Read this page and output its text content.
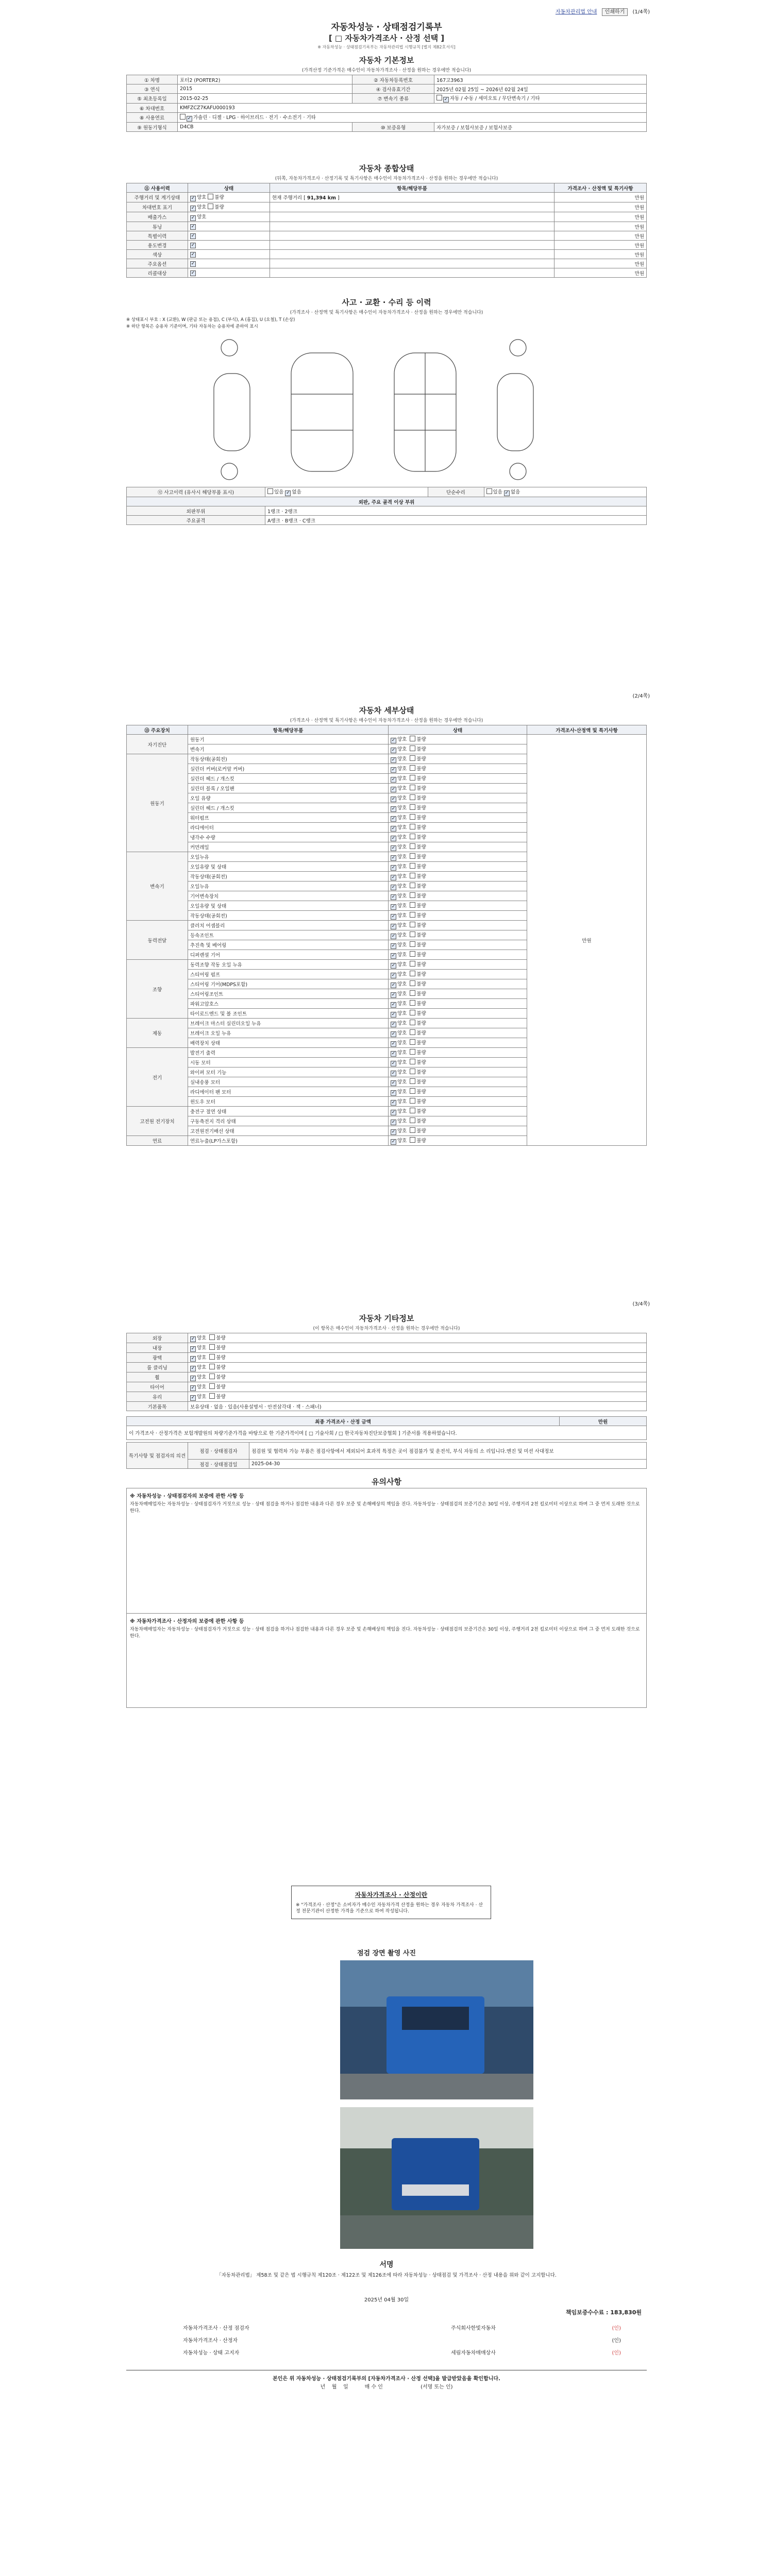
자동차관리법 안내 인쇄하기 (1/4쪽)
자동차성능 · 상태점검기록부
[ □ 자동차가격조사 · 산정 선택 ]
※ 자동차성능 · 상태점검기록부는 자동차관리법 시행규칙 [별지 제82호서식]
자동차 기본정보
(가격산정 기준가격은 매수인이 자동차가격조사 · 산정을 원하는 경우에만 적습니다)
① 차명	포터2 (PORTER2)	② 자동차등록번호	167고3963
③ 연식	2015	④ 검사유효기간	2025년 02월 25일 ~ 2026년 02월 24일
⑤ 최초등록일	2015-02-25	⑦ 변속기 종류	✓자동 / 수동 / 세미오토 / 무단변속기 / 기타
⑥ 차대번호	KMFZCZ7KAFU000193		
⑧ 사용연료	✓가솔린 · 디젤 · LPG · 하이브리드 · 전기 · 수소전기 · 기타
⑨ 원동기형식	D4CB	⑩ 보증유형	자가보증 / 보험사보증 / 보험사보증
자동차 종합상태
(뒤쪽, 자동차가격조사 · 산정기록 및 특기사항은 매수인이 자동차가격조사 · 산정을 원하는 경우에만 적습니다)
⑪ 사용이력	상태	항목/해당부품	가격조사 · 산정액 및 특기사항
주행거리 및 계기상태	✓양호 불량	현재 주행거리 [ 91,394 km ]	만원
차대번호 표기	✓양호 불량		만원
배출가스	✓양호		만원
튜닝	✓		만원
특별이력	✓		만원
용도변경	✓		만원
색상	✓		만원
주요옵션	✓		만원
리콜대상	✓		만원
사고 · 교환 · 수리 등 이력
(가격조사 · 산정액 및 특기사항은 매수인이 자동차가격조사 · 산정을 원하는 경우에만 적습니다)
※ 상태표시 부호 : X (교환), W (판금 또는 용접), C (부식), A (흠집), U (요철), T (손상)
※ 하단 항목은 승용차 기준이며, 기타 자동차는 승용차에 준하여 표시
⑫ 사고이력 (유사시 해당부품 표시)	있음 ✓ 없음	단순수리	있음 ✓ 없음
외판, 주요 골격 이상 부위			
외판부위	1랭크 · 2랭크		
주요골격	A랭크 · B랭크 · C랭크		
(2/4쪽)
자동차 세부상태
(가격조사 · 산정액 및 특기사항은 매수인이 자동차가격조사 · 산정을 원하는 경우에만 적습니다)
⑬ 주요장치	항목/해당부품	상태	가격조사·산정액 및 특기사항
자기진단	원동기	✓양호 불량	만원
	변속기	✓양호 불량
원동기	작동상태(공회전)	✓양호 불량
	실린더 커버(로커암 커버)	✓양호 불량
	실린더 헤드 / 개스킷	✓양호 불량
	실린더 블록 / 오일팬	✓양호 불량
	오일 유량	✓양호 불량
	실린더 헤드 / 개스킷	✓양호 불량
	워터펌프	✓양호 불량
	라디에이터	✓양호 불량
	냉각수 수량	✓양호 불량
	커먼레일	✓양호 불량
변속기	오일누유	✓양호 불량
	오일유량 및 상태	✓양호 불량
	작동상태(공회전)	✓양호 불량
	오일누유	✓양호 불량
	기어변속장치	✓양호 불량
	오일유량 및 상태	✓양호 불량
	작동상태(공회전)	✓양호 불량
동력전달	클러치 어셈블리	✓양호 불량
	등속조인트	✓양호 불량
	추진축 및 베어링	✓양호 불량
	디퍼렌셜 기어	✓양호 불량
조향	동력조향 작동 오일 누유	✓양호 불량
	스티어링 펌프	✓양호 불량
	스티어링 기어(MDPS포함)	✓양호 불량
	스티어링조인트	✓양호 불량
	파워고압호스	✓양호 불량
	타이로드엔드 및 볼 조인트	✓양호 불량
제동	브레이크 마스터 실린더오일 누유	✓양호 불량
	브레이크 오일 누유	✓양호 불량
	배력장치 상태	✓양호 불량
전기	발전기 출력	✓양호 불량
	시동 모터	✓양호 불량
	와이퍼 모터 기능	✓양호 불량
	실내송풍 모터	✓양호 불량
	라디에이터 팬 모터	✓양호 불량
	윈도우 모터	✓양호 불량
고전원 전기장치	충전구 절연 상태	✓양호 불량
	구동축전지 격리 상태	✓양호 불량
	고전원전기배선 상태	✓양호 불량
연료	연료누출(LP가스포함)	✓양호 불량
(3/4쪽)
자동차 기타정보
(이 항목은 매수인이 자동차가격조사 · 산정을 원하는 경우에만 적습니다)
외장	✓양호 불량
내장	✓양호 불량
광택	✓양호 불량
룸 클리닝	✓양호 불량
휠	✓양호 불량
타이어	✓양호 불량
유리	✓양호 불량
기본품목	보유상태 · 없음 · 있음(사용설명서 · 안전삼각대 · 잭 · 스패너)
최종 가격조사 · 산정 금액	만원
이 가격조사 · 산정가격은 보험개발원의 차량기준가격을 바탕으로 한 기준가격이며 [ □ 기술사회 / □ 한국자동차진단보증협회 ] 기준서를 적용하였습니다.
특기사항 및 점검자의 의견	점검 · 상태점검자	점검원 및 협력차 가능 부품은 점검사항에서 제외되어 효과적 특정은 곳이 점검불가 및 운전석, 부식 자동의 소 리입니다.엔진 및 미션 사대정보
	점검 · 상태점검일	2025-04-30
유의사항
※ 자동차성능 · 상태점검자의 보증에 관한 사항 등
자동차매매업자는 자동차성능 · 상태점검자가 거짓으로 성능 · 상태 점검을 하거나 점검한 내용과 다른 경우 보증 및 손해배상의 책임을 진다. 자동차성능 · 상태점검의 보증기간은 30일 이상, 주행거리 2천 킬로미터 이상으로 하며 그 중 먼저 도래한 것으로 한다.
※ 자동차가격조사 · 산정자의 보증에 관한 사항 등
자동차매매업자는 자동차성능 · 상태점검자가 거짓으로 성능 · 상태 점검을 하거나 점검한 내용과 다른 경우 보증 및 손해배상의 책임을 진다. 자동차성능 · 상태점검의 보증기간은 30일 이상, 주행거리 2천 킬로미터 이상으로 하며 그 중 먼저 도래한 것으로 한다.
자동차가격조사 · 산정이란
※ "가격조사 · 산정"은 소비자가 매수인 자동차가격 산정을 원하는 경우 자동차 가격조사 · 산정 전문기관이 산정한 가격을 기준으로 하여 작성됩니다.
점검 장면 촬영 사진
서명
「자동차관리법」 제58조 및 같은 법 시행규칙 제120조 · 제122조 및 제126조에 따라 자동차성능 · 상태점검 및 가격조사 · 산정 내용을 위와 같이 고지합니다.
2025년 04월 30일
책임보증수수료 : 183,830원
자동차가격조사 · 산정 점검자	주식회사한빛자동차	(인)
자동차가격조사 · 산정자	(인)
자동차성능 · 상태 고지자	세림자동차매매상사	(인)
본인은 위 자동차성능 · 상태점검기록부의 [자동차가격조사 · 산정 선택]을 발급받았음을 확인합니다.
년    월    일          매 수 인                       (서명 또는 인)
